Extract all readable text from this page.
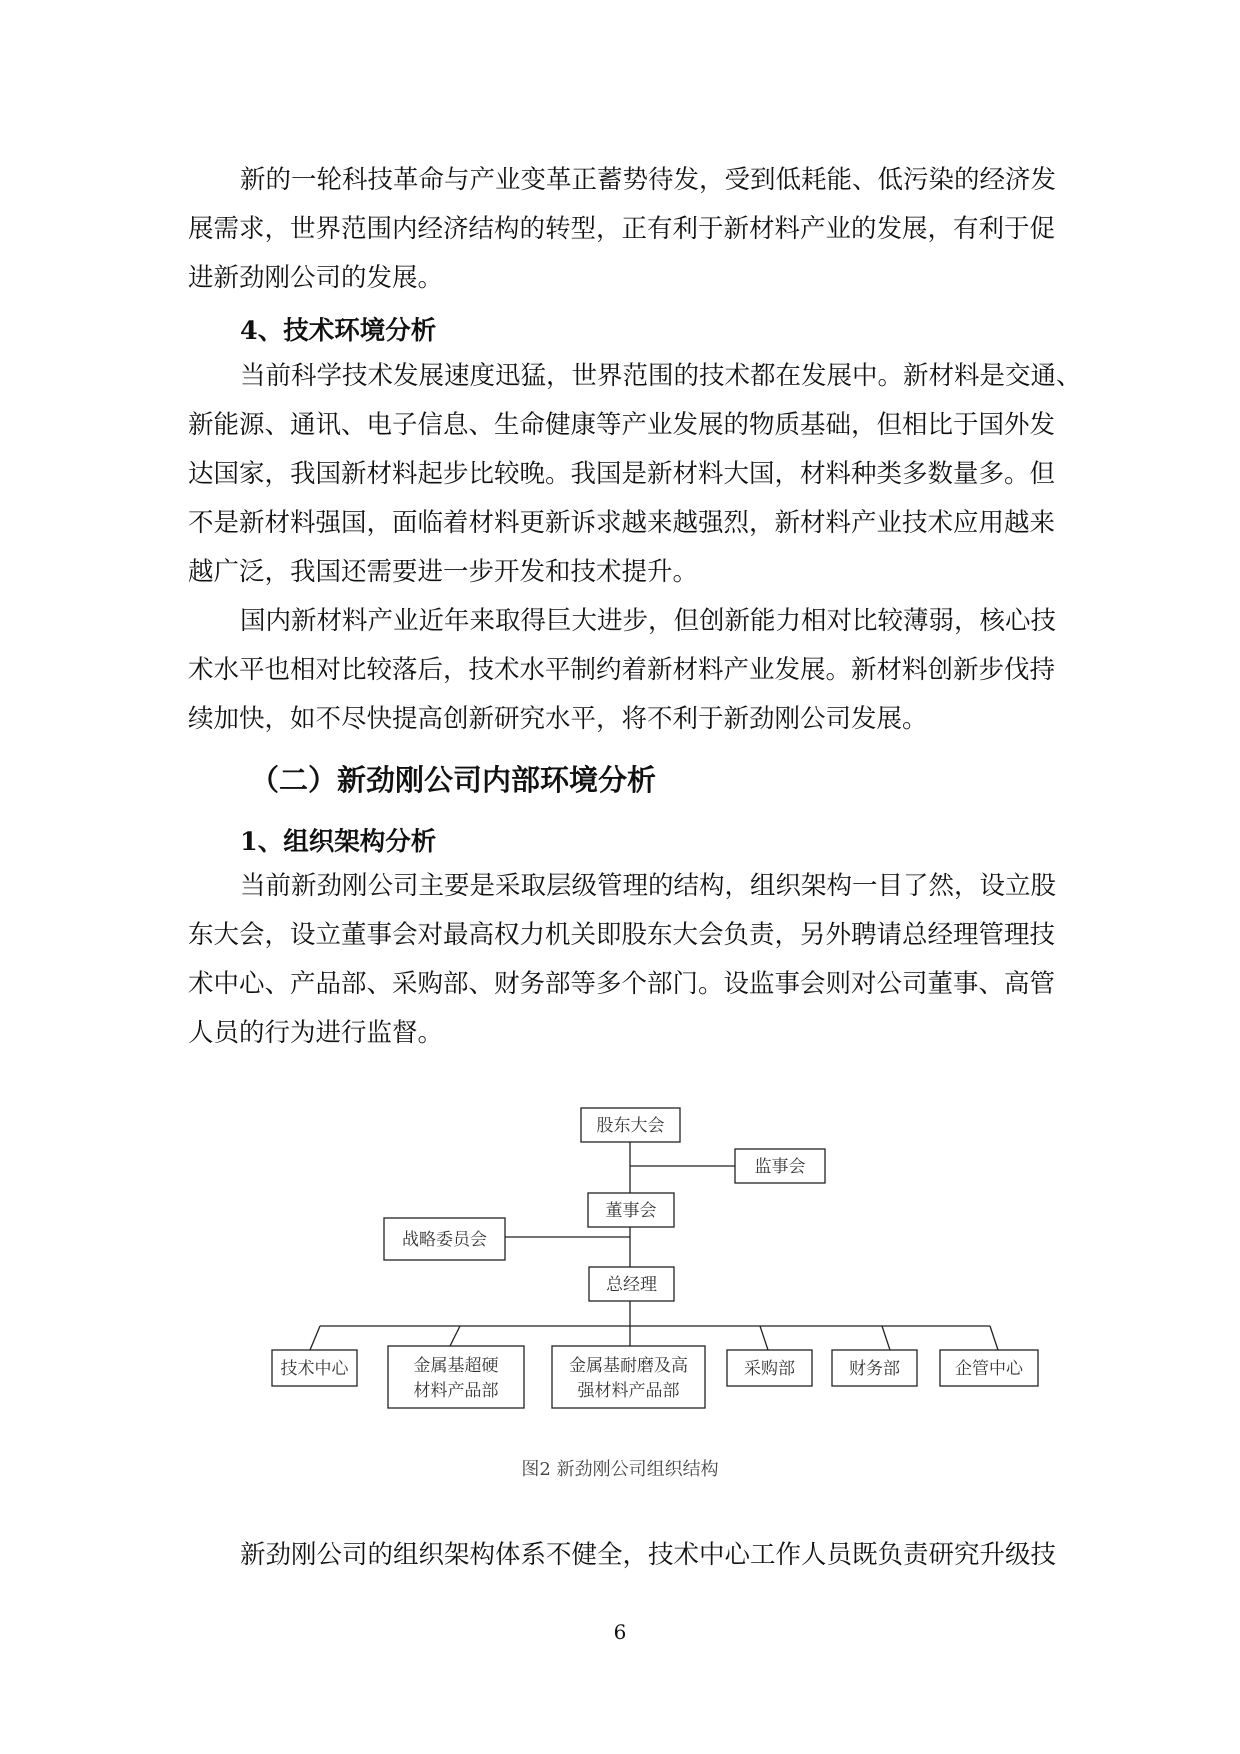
新的一轮科技革命与产业变革正蓄势待发，受到低耗能、低污染的经济发
展需求，世界范围内经济结构的转型，正有利于新材料产业的发展，有利于促
进新劲刚公司的发展。
4、技术环境分析
当前科学技术发展速度迅猛，世界范围的技术都在发展中。新材料是交通、
新能源、通讯、电子信息、生命健康等产业发展的物质基础，但相比于国外发
达国家，我国新材料起步比较晚。我国是新材料大国，材料种类多数量多。但
不是新材料强国，面临着材料更新诉求越来越强烈，新材料产业技术应用越来
越广泛，我国还需要进一步开发和技术提升。
国内新材料产业近年来取得巨大进步，但创新能力相对比较薄弱，核心技
术水平也相对比较落后，技术水平制约着新材料产业发展。新材料创新步伐持
续加快，如不尽快提高创新研究水平，将不利于新劲刚公司发展。
（二）新劲刚公司内部环境分析
1、组织架构分析
当前新劲刚公司主要是采取层级管理的结构，组织架构一目了然，设立股
东大会，设立董事会对最高权力机关即股东大会负责，另外聘请总经理管理技
术中心、产品部、采购部、财务部等多个部门。设监事会则对公司董事、高管
人员的行为进行监督。
股东大会
监事会
董事会
战略委员会
总经理
技术中心	金属基超硬
材料产品部
金属基耐磨及高
强材料产品部
采购部	财务部	企管中心
图2 新劲刚公司组织结构
新劲刚公司的组织架构体系不健全，技术中心工作人员既负责研究升级技
6
